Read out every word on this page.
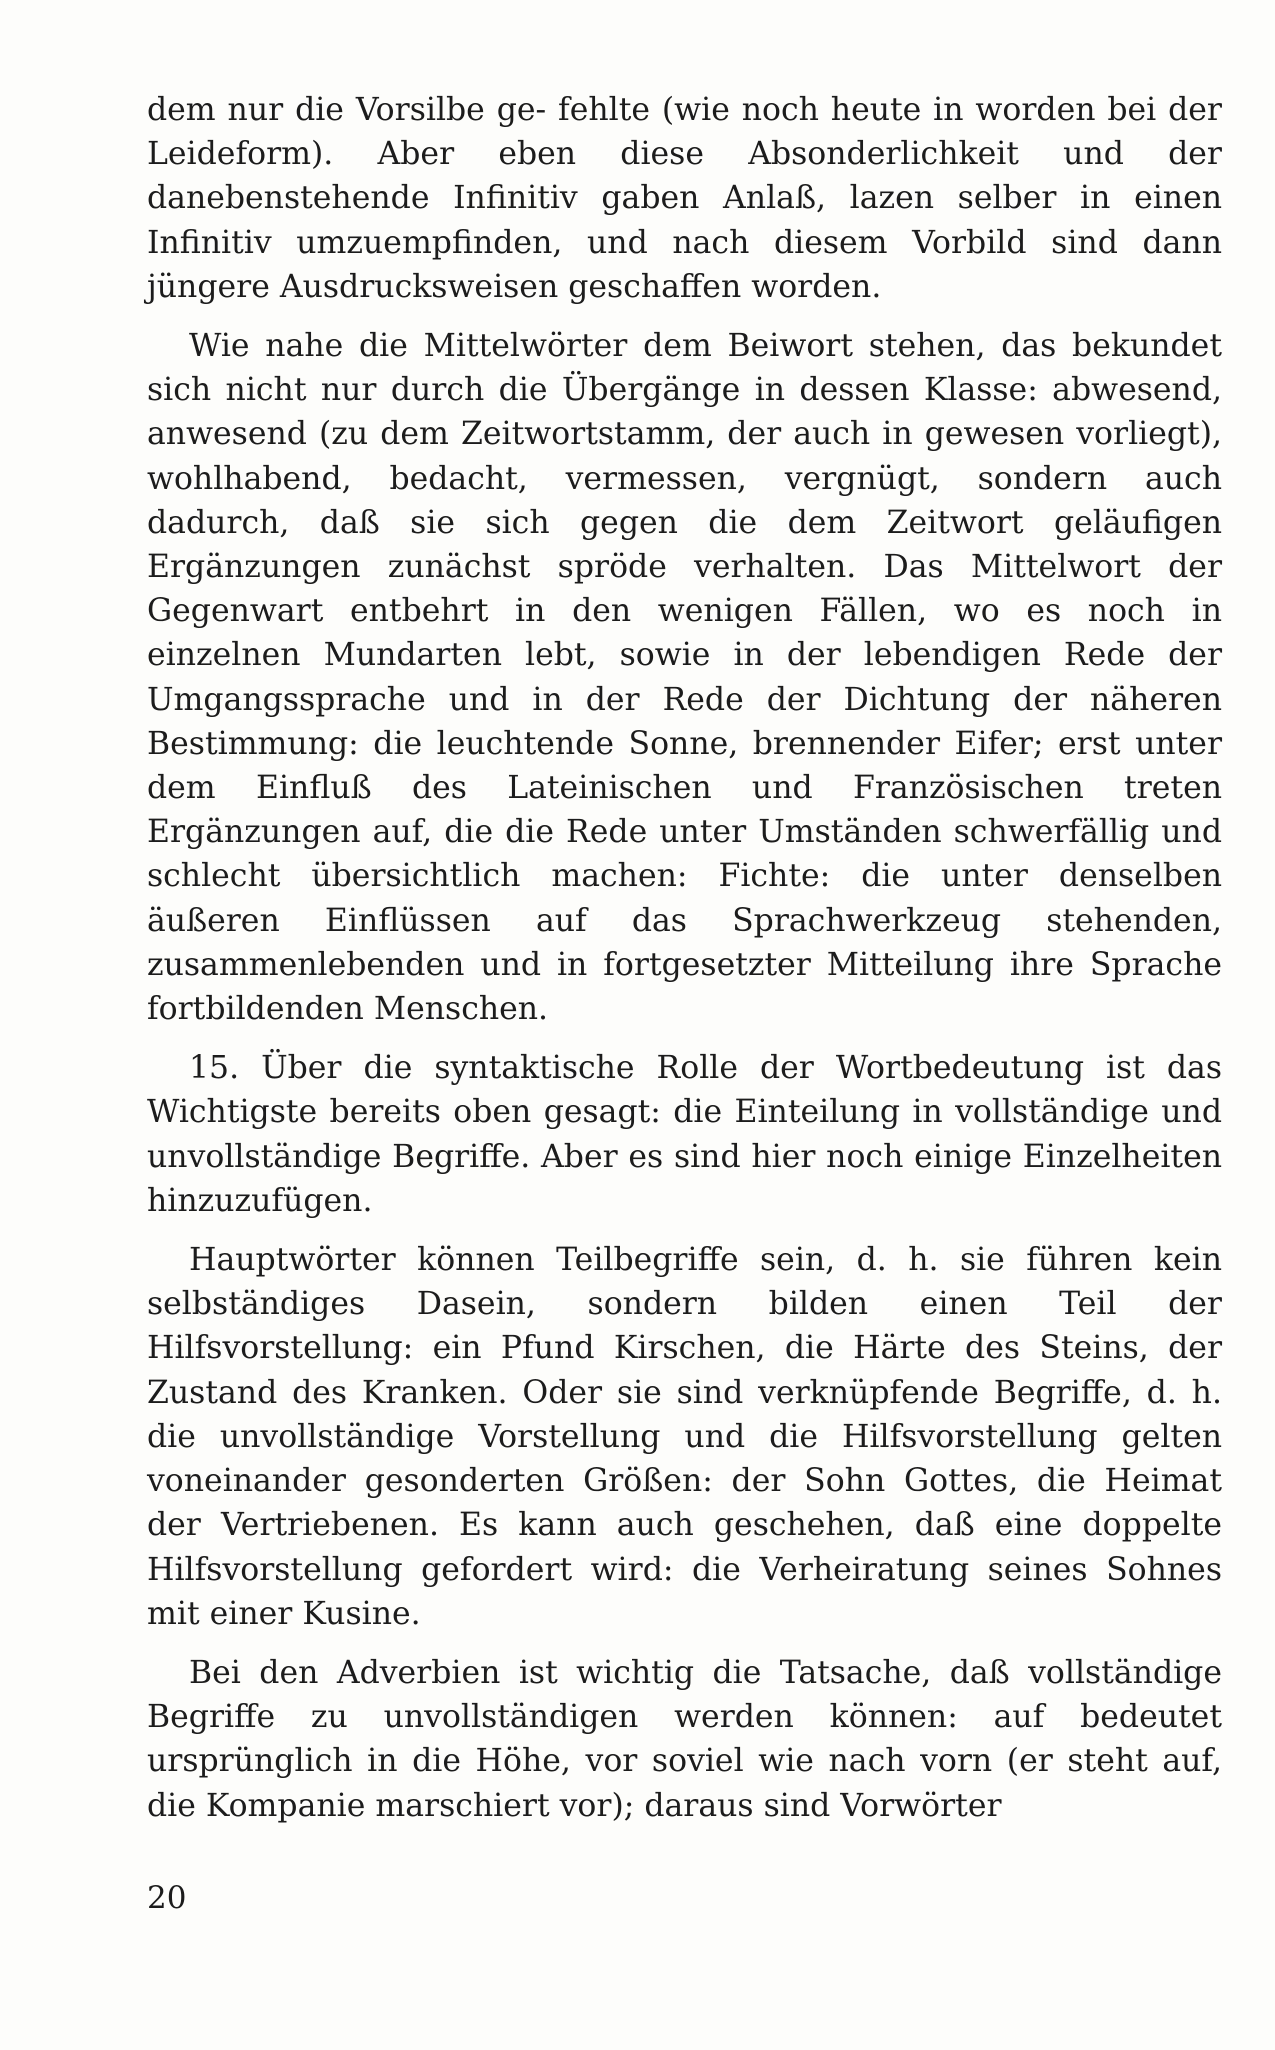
dem nur die Vorsilbe ge- fehlte (wie noch heute in worden bei der Leideform). Aber eben diese Absonderlichkeit und der danebenstehende Infinitiv gaben Anlaß, lazen selber in einen Infinitiv umzuempfinden, und nach diesem Vorbild sind dann jüngere Ausdrucksweisen geschaffen worden.

Wie nahe die Mittelwörter dem Beiwort stehen, das bekundet sich nicht nur durch die Übergänge in dessen Klasse: abwesend, anwesend (zu dem Zeitwortstamm, der auch in gewesen vorliegt), wohlhabend, bedacht, vermessen, vergnügt, sondern auch dadurch, daß sie sich gegen die dem Zeitwort geläufigen Ergänzungen zunächst spröde verhalten. Das Mittelwort der Gegenwart entbehrt in den wenigen Fällen, wo es noch in einzelnen Mundarten lebt, sowie in der lebendigen Rede der Umgangssprache und in der Rede der Dichtung der näheren Bestimmung: die leuchtende Sonne, brennender Eifer; erst unter dem Einfluß des Lateinischen und Französischen treten Ergänzungen auf, die die Rede unter Umständen schwerfällig und schlecht übersichtlich machen: Fichte: die unter denselben äußeren Einflüssen auf das Sprachwerkzeug stehenden, zusammenlebenden und in fortgesetzter Mitteilung ihre Sprache fortbildenden Menschen.

15. Über die syntaktische Rolle der Wortbedeutung ist das Wichtigste bereits oben gesagt: die Einteilung in vollständige und unvollständige Begriffe. Aber es sind hier noch einige Einzelheiten hinzuzufügen.

Hauptwörter können Teilbegriffe sein, d. h. sie führen kein selbständiges Dasein, sondern bilden einen Teil der Hilfsvorstellung: ein Pfund Kirschen, die Härte des Steins, der Zustand des Kranken. Oder sie sind verknüpfende Begriffe, d. h. die unvollständige Vorstellung und die Hilfsvorstellung gelten voneinander gesonderten Größen: der Sohn Gottes, die Heimat der Vertriebenen. Es kann auch geschehen, daß eine doppelte Hilfsvorstellung gefordert wird: die Verheiratung seines Sohnes mit einer Kusine.

Bei den Adverbien ist wichtig die Tatsache, daß vollständige Begriffe zu unvollständigen werden können: auf bedeutet ursprünglich in die Höhe, vor soviel wie nach vorn (er steht auf, die Kompanie marschiert vor); daraus sind Vorwörter

20
